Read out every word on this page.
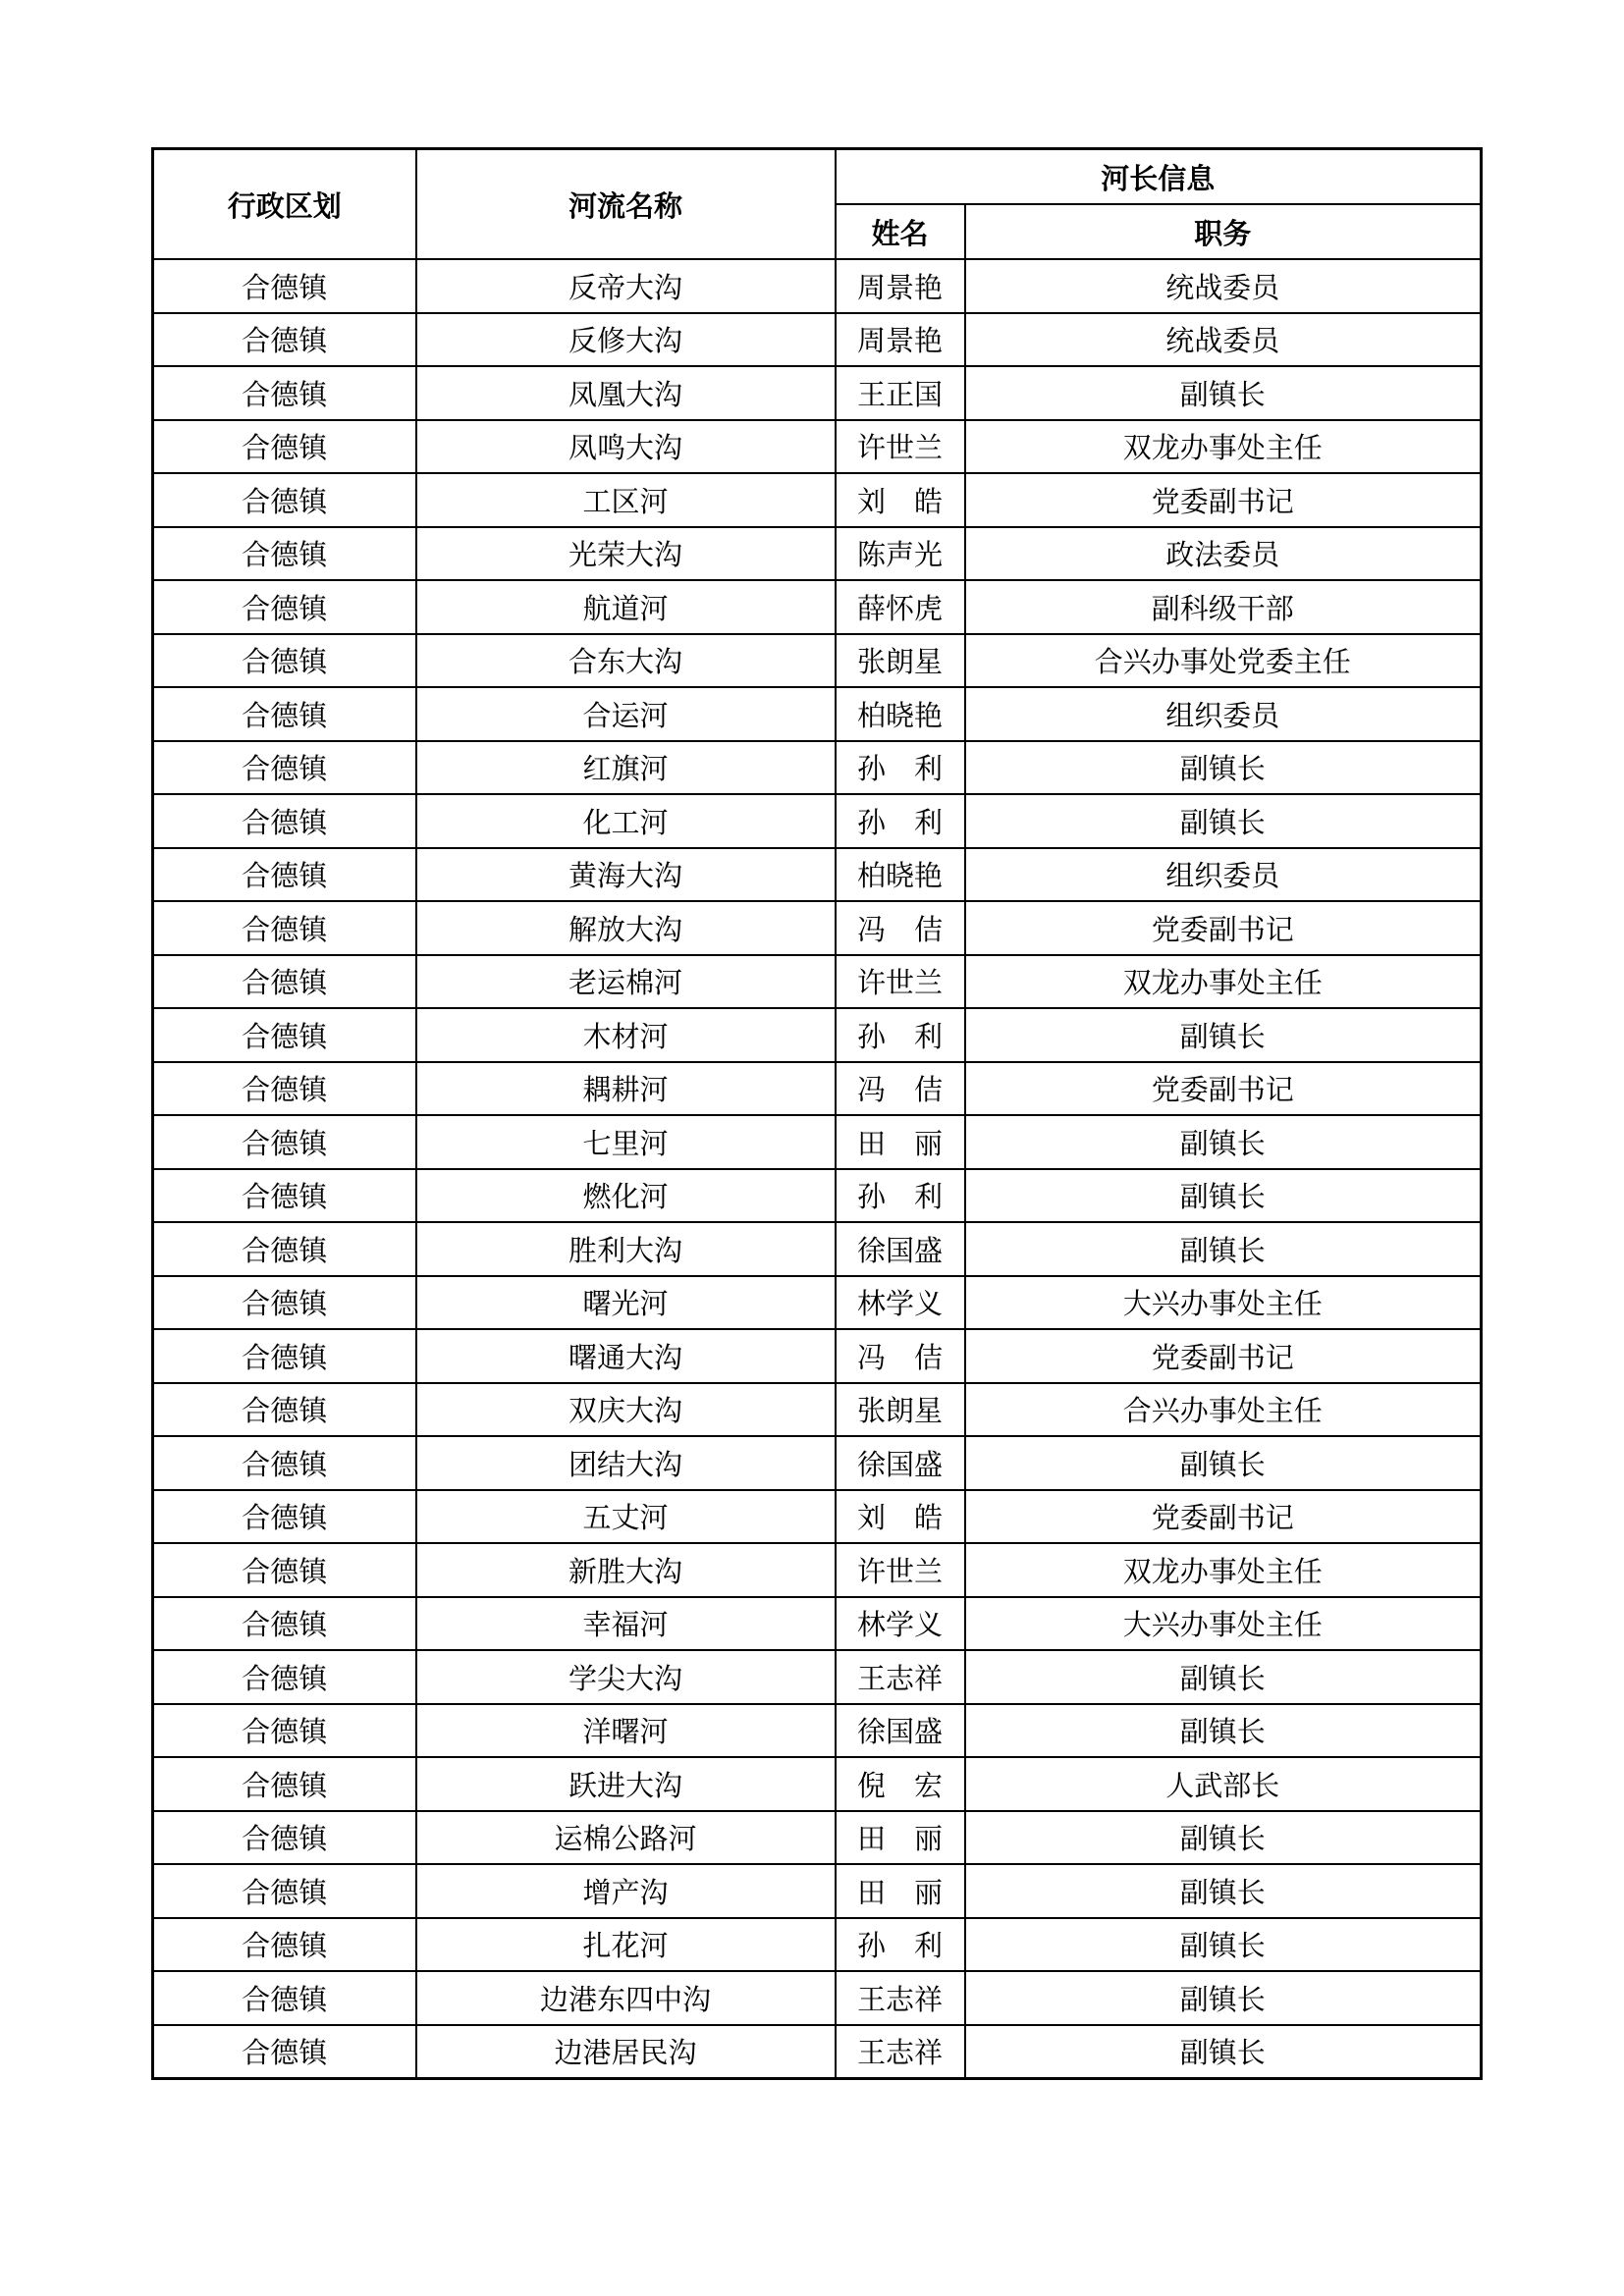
行政区划	河流名称	河长信息	
		姓名	职务
合德镇	反帝大沟	周景艳	统战委员
合德镇	反修大沟	周景艳	统战委员
合德镇	凤凰大沟	王正国	副镇长
合德镇	凤鸣大沟	许世兰	双龙办事处主任
合德镇	工区河	刘　皓	党委副书记
合德镇	光荣大沟	陈声光	政法委员
合德镇	航道河	薛怀虎	副科级干部
合德镇	合东大沟	张朗星	合兴办事处党委主任
合德镇	合运河	柏晓艳	组织委员
合德镇	红旗河	孙　利	副镇长
合德镇	化工河	孙　利	副镇长
合德镇	黄海大沟	柏晓艳	组织委员
合德镇	解放大沟	冯　佶	党委副书记
合德镇	老运棉河	许世兰	双龙办事处主任
合德镇	木材河	孙　利	副镇长
合德镇	耦耕河	冯　佶	党委副书记
合德镇	七里河	田　丽	副镇长
合德镇	燃化河	孙　利	副镇长
合德镇	胜利大沟	徐国盛	副镇长
合德镇	曙光河	林学义	大兴办事处主任
合德镇	曙通大沟	冯　佶	党委副书记
合德镇	双庆大沟	张朗星	合兴办事处主任
合德镇	团结大沟	徐国盛	副镇长
合德镇	五丈河	刘　皓	党委副书记
合德镇	新胜大沟	许世兰	双龙办事处主任
合德镇	幸福河	林学义	大兴办事处主任
合德镇	学尖大沟	王志祥	副镇长
合德镇	洋曙河	徐国盛	副镇长
合德镇	跃进大沟	倪　宏	人武部长
合德镇	运棉公路河	田　丽	副镇长
合德镇	增产沟	田　丽	副镇长
合德镇	扎花河	孙　利	副镇长
合德镇	边港东四中沟	王志祥	副镇长
合德镇	边港居民沟	王志祥	副镇长
